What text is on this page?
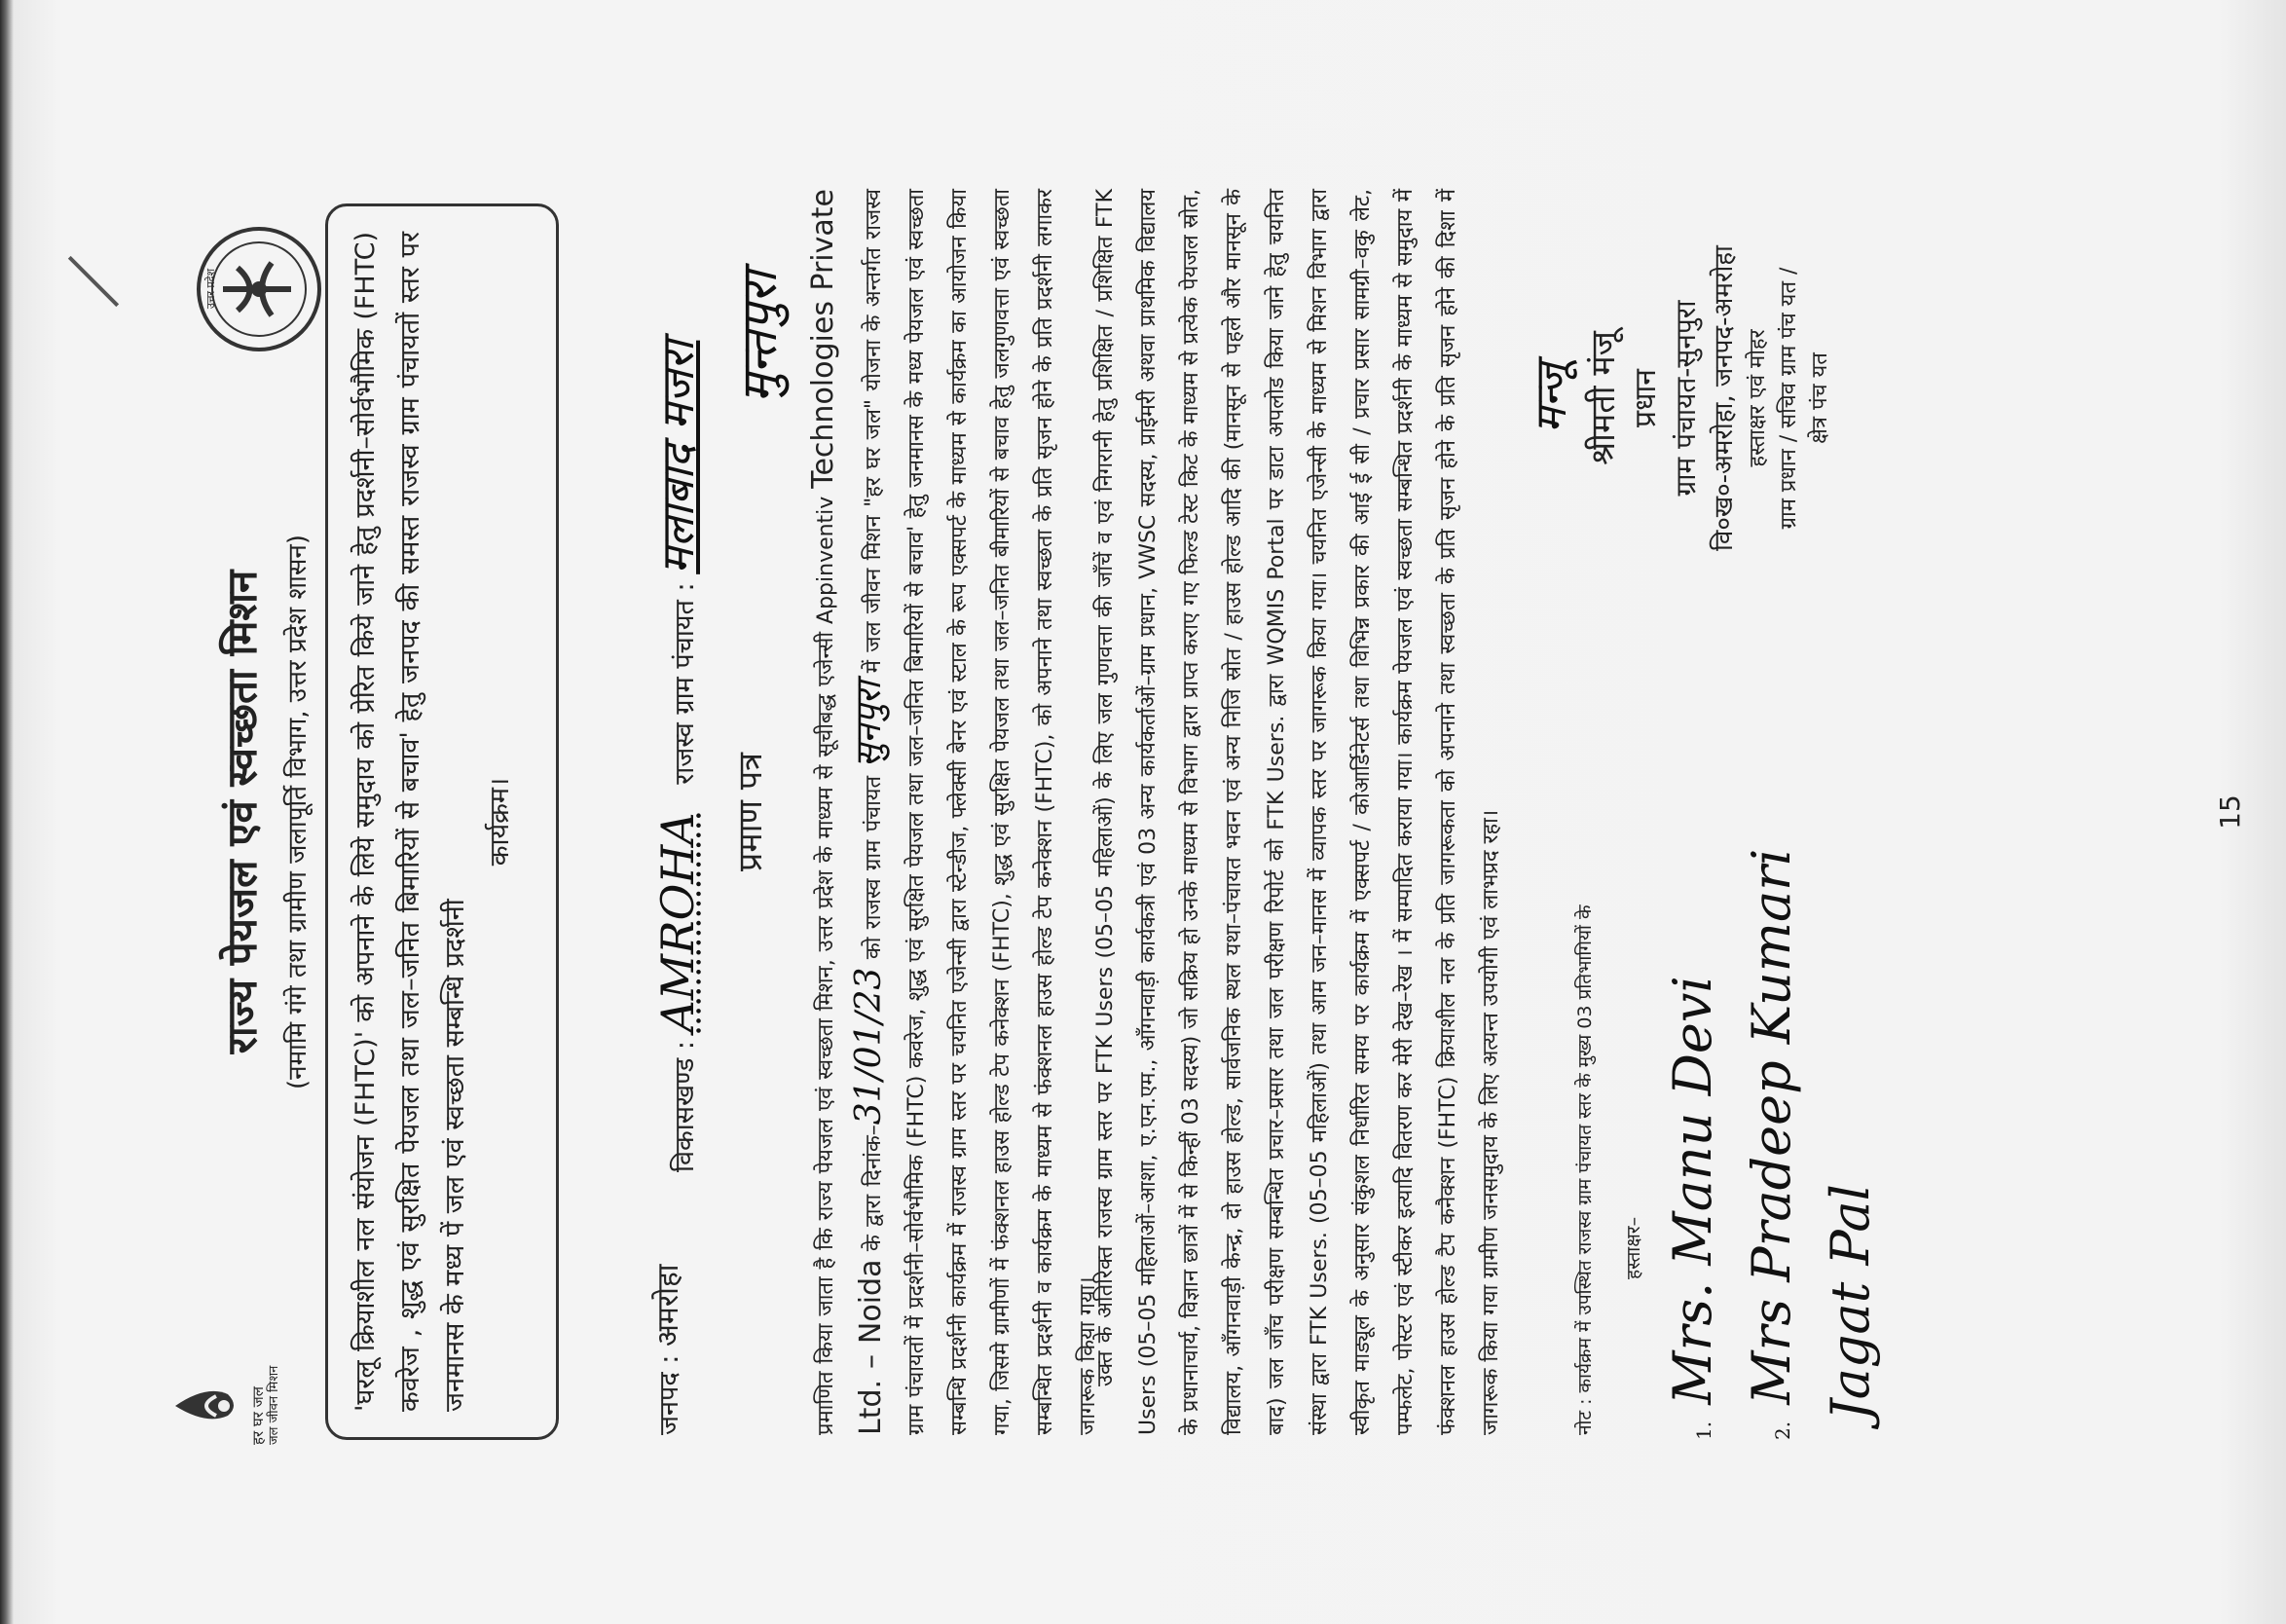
हर घर जल जल जीवन मिशन
उत्तर प्रदेश
राज्य पेयजल एवं स्वच्छता मिशन (नमामि गंगे तथा ग्रामीण जलापूर्ति विभाग, उत्तर प्रदेश शासन)	'घरलू क्रियाशील नल संयोजन (FHTC)' को अपनाने के लिये समुदाय को प्रेरित किये जाने हेतु प्रदर्शनी–सोर्वभौमिक (FHTC) कवरेज , शुद्ध एवं सुरक्षित पेयजल तथा जल–जनित बिमारियों से बचाव' हेतु जनपद की समस्त राजस्व ग्राम पंचायतों स्तर पर जनमानस के मध्य पें जल एवं स्वच्छता सम्बन्धि प्रदर्शनी
कार्यक्रम।
जनपद : अमरोहा
विकासखण्ड : AMROHA राजस्व ग्राम पंचायत : मलाबाद मजरा
मुन्तपुरा
प्रमाण पत्र	प्रमाणित किया जाता है कि राज्य पेयजल एवं स्वच्छता मिशन, उत्तर प्रदेश के माध्यम से सूचीबद्ध एजेन्सी Appinventiv Technologies Private Ltd. – Noida के द्वारा दिनांक–31/01/23 को राजस्व ग्राम पंचायत सुनपुरा में जल जीवन मिशन "हर घर जल" योजना के अन्तर्गत राजस्व ग्राम पंचायतों में प्रदर्शनी–सोर्वभौमिक (FHTC) कवरेज, शुद्ध एवं सुरक्षित पेयजल तथा जल–जनित बिमारियों से बचाव' हेतु जनमानस के मध्य पेयजल एवं स्वच्छता सम्बन्धि प्रदर्शनी कार्यक्रम में राजस्व ग्राम स्तर पर चयनित एजेन्सी द्वारा स्टेन्डीज, फ्लेक्सी बेनर एवं स्टाल के रूप एक्सपर्ट के माध्यम से कार्यक्रम का आयोजन किया गया, जिसमे ग्रामीणों में फंक्शनल हाउस होल्ड टेप कनेक्शन (FHTC), शुद्ध एवं सुरक्षित पेयजल तथा जल–जनित बीमारियों से बचाव हेतु जलगुणवत्ता एवं स्वच्छता सम्बन्धित प्रदर्शनी व कार्यक्रम के माध्यम से फंक्शनल हाउस होल्ड टेप कनेक्शन (FHTC), को अपनाने तथा स्वच्छता के प्रति सृजन होने के प्रति प्रदर्शनी लगाकर जागरूक किया गया।
उक्त के अतिरिक्त राजस्व ग्राम स्तर पर FTK Users (05–05 महिलाओं) के लिए जल गुणवत्ता की जाँचें व एवं निगरानी हेतु प्रशिक्षित / प्रशिक्षित FTK Users (05–05 महिलाओं–आशा, ए.एन.एम., आँगनवाड़ी कार्यकत्री एवं 03 अन्य कार्यकर्ताओं–ग्राम प्रधान, VWSC सदस्य, प्राईमरी अथवा प्राथमिक विद्यालय के प्रधानाचार्य, विज्ञान छात्रों में से किन्हीं 03 सदस्य) जो सक्रिय हो उनके माध्यम से विभाग द्वारा प्राप्त कराए गए फिल्ड टेस्ट किट के माध्यम से प्रत्येक पेयजल स्रोत, विद्यालय, आँगनवाड़ी केन्द्र, दो हाउस होल्ड, सार्वजनिक स्थल यथा–पंचायत भवन एवं अन्य निजि स्रोत / हाउस होल्ड आदि की (मानसून से पहले और मानसून के बाद) जल जाँच परीक्षण सम्बन्धित प्रचार–प्रसार तथा जल परीक्षण रिपोर्ट को FTK Users. द्वारा WQMIS Portal पर डाटा अपलोड किया जाने हेतु चयनित संस्था द्वारा FTK Users. (05–05 महिलाओं) तथा आम जन–मानस में व्यापक स्तर पर जागरूक किया गया। चयनित एजेन्सी के माध्यम से मिशन विभाग द्वारा स्वीकृत माड्यूल के अनुसार संकुशल निर्धारित समय पर कार्यक्रम में एक्सपर्ट / कोआर्डिनेटर्स तथा विभिन्न प्रकार की आई ई सी / प्रचार प्रसार सामग्री–वकु लेट, पम्फलेट, पोस्टर एवं स्टीकर इत्यादि वितरण कर मेरी देख–रेख । में सम्पादित कराया गया। कार्यक्रम पेयजल एवं स्वच्छता सम्बन्धित प्रदर्शनी के माध्यम से समुदाय में फंक्शनल हाउस होल्ड टैप कनैक्शन (FHTC) क्रियाशील नल के प्रति जागरूकता को अपनाने तथा स्वच्छता के प्रति सृजन होने के प्रति सृजन होने की दिशा में जागरूक किया गया ग्रामीण जनसमुदाय के लिए अत्यन्त उपयोगी एवं लाभप्रद रहा।	नोट : कार्यक्रम में उपस्थित राजस्व ग्राम पंचायत स्तर के मुख्य 03 प्रतिभागियों के हस्ताक्षर–
1. Mrs. Manu Devi
2. Mrs Pradeep Kumari Jagat Pal
मन्जू श्रीमती मंजू प्रधान ग्राम पंचायत-सुनपुरा वि०ख०-अमरोहा, जनपद-अमरोहा हस्ताक्षर एवं मोहर ग्राम प्रधान / सचिव ग्राम पंच यत / क्षेत्र पंच यत
15
